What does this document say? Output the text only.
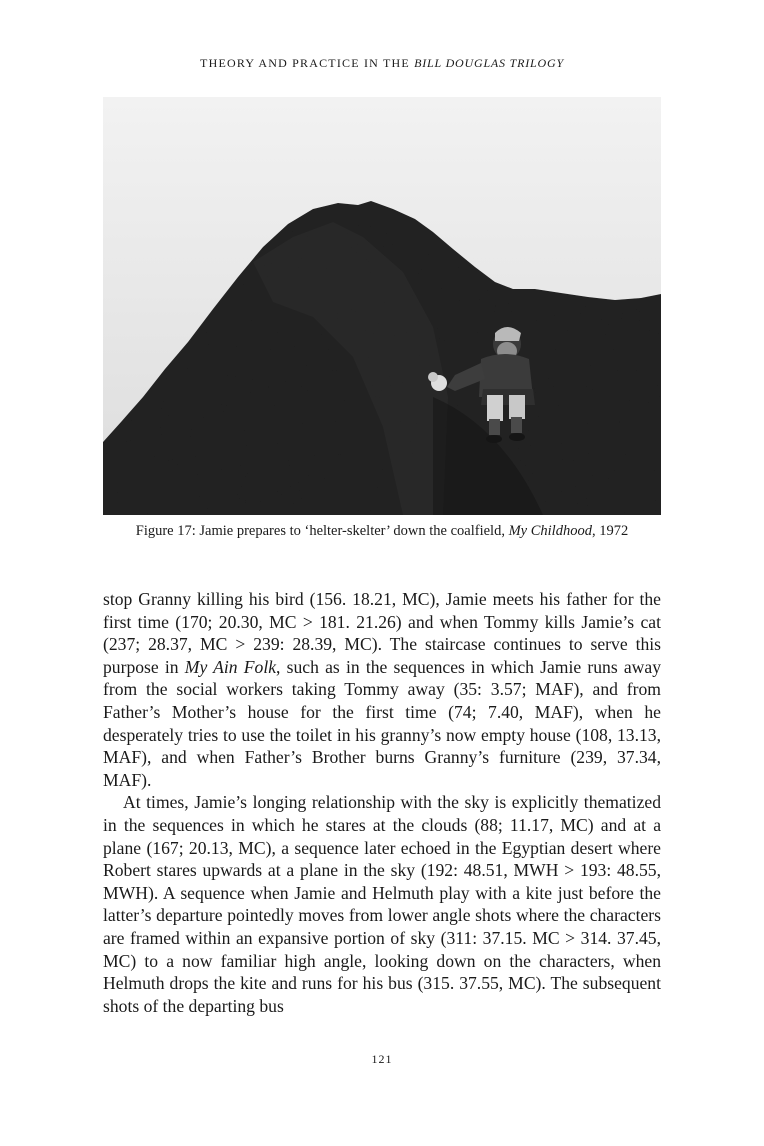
THEORY AND PRACTICE IN THE BILL DOUGLAS TRILOGY
Figure 17: Jamie prepares to ‘helter-skelter’ down the coalfield, My Childhood, 1972

stop Granny killing his bird (156. 18.21, MC), Jamie meets his father for the first time (170; 20.30, MC > 181. 21.26) and when Tommy kills Jamie’s cat (237; 28.37, MC > 239: 28.39, MC). The staircase continues to serve this purpose in My Ain Folk, such as in the sequences in which Jamie runs away from the social workers taking Tommy away (35: 3.57; MAF), and from Father’s Mother’s house for the first time (74; 7.40, MAF), when he desperately tries to use the toilet in his granny’s now empty house (108, 13.13, MAF), and when Father’s Brother burns Granny’s furniture (239, 37.34, MAF).

At times, Jamie’s longing relationship with the sky is explicitly thematized in the sequences in which he stares at the clouds (88; 11.17, MC) and at a plane (167; 20.13, MC), a sequence later echoed in the Egyptian desert where Robert stares upwards at a plane in the sky (192: 48.51, MWH > 193: 48.55, MWH). A sequence when Jamie and Helmuth play with a kite just before the latter’s departure pointedly moves from lower angle shots where the characters are framed within an expansive portion of sky (311: 37.15. MC > 314. 37.45, MC) to a now familiar high angle, looking down on the characters, when Helmuth drops the kite and runs for his bus (315. 37.55, MC). The subsequent shots of the departing bus

121
